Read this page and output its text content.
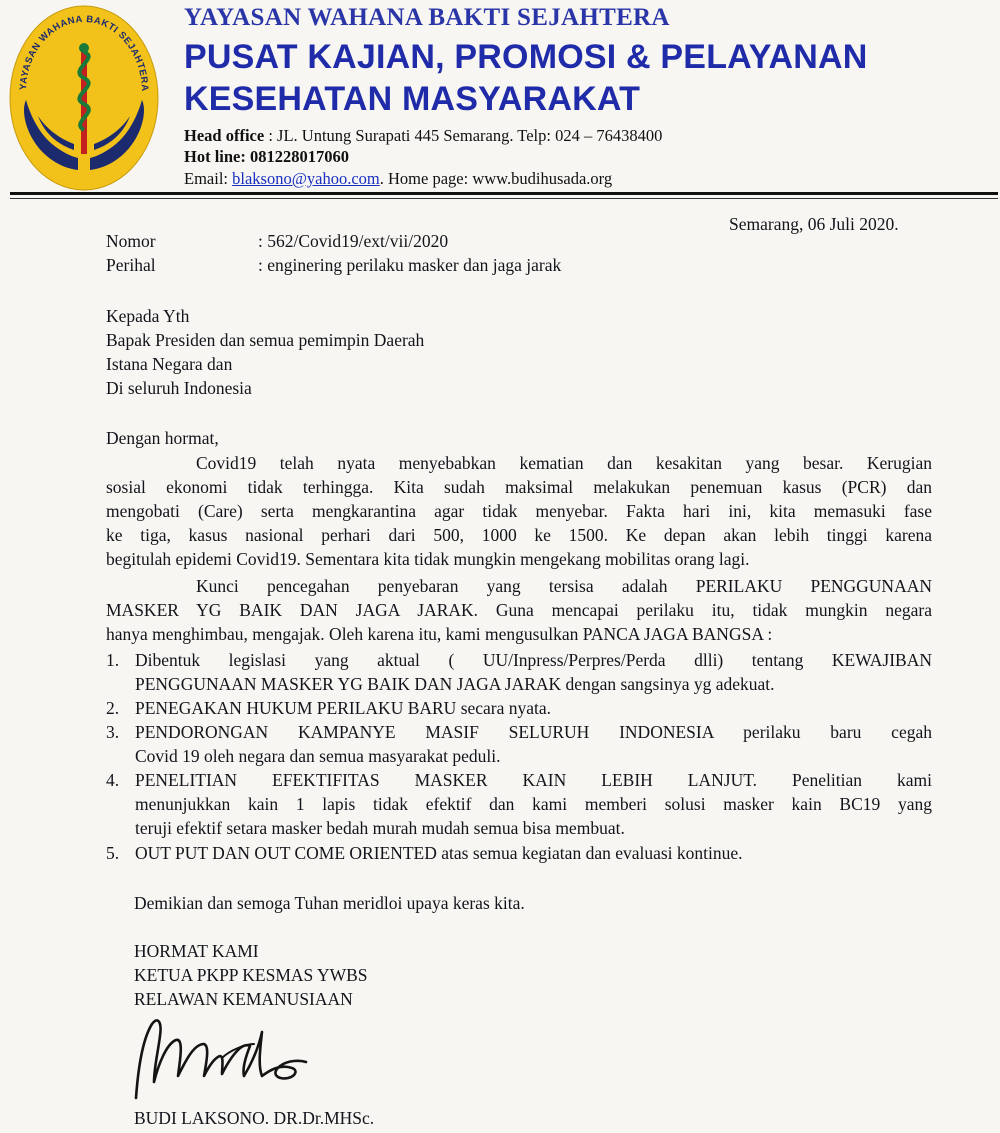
YAYASAN WAHANA BAKTI SEJAHTERA
YAYASAN WAHANA BAKTI SEJAHTERA
PUSAT KAJIAN, PROMOSI & PELAYANAN
KESEHATAN MASYARAKAT
Head office : JL. Untung Surapati 445 Semarang. Telp: 024 – 76438400
Hot line: 081228017060
Email: blaksono@yahoo.com. Home page: www.budihusada.org
Semarang, 06 Juli 2020.
Nomor	: 562/Covid19/ext/vii/2020
Perihal	: enginering perilaku masker dan jaga jarak
Kepada Yth
Bapak Presiden dan semua pemimpin Daerah
Istana Negara dan
Di seluruh Indonesia
Dengan hormat,
Covid19 telah nyata menyebabkan kematian dan kesakitan yang besar. Kerugian
sosial ekonomi tidak terhingga. Kita sudah maksimal melakukan penemuan kasus (PCR) dan
mengobati (Care) serta mengkarantina agar tidak menyebar. Fakta hari ini, kita memasuki fase
ke tiga, kasus nasional perhari dari 500, 1000 ke 1500. Ke depan akan lebih tinggi karena
begitulah epidemi Covid19. Sementara kita tidak mungkin mengekang mobilitas orang lagi.
Kunci pencegahan penyebaran yang tersisa adalah PERILAKU PENGGUNAAN
MASKER YG BAIK DAN JAGA JARAK. Guna mencapai perilaku itu, tidak mungkin negara
hanya menghimbau, mengajak. Oleh karena itu, kami mengusulkan PANCA JAGA BANGSA :
1. Dibentuk legislasi yang aktual ( UU/Inpress/Perpres/Perda dlli) tentang KEWAJIBAN
PENGGUNAAN MASKER YG BAIK DAN JAGA JARAK dengan sangsinya yg adekuat.
2. PENEGAKAN HUKUM PERILAKU BARU secara nyata.
3. PENDORONGAN KAMPANYE MASIF SELURUH INDONESIA perilaku baru cegah
Covid 19 oleh negara dan semua masyarakat peduli.
4. PENELITIAN EFEKTIFITAS MASKER KAIN LEBIH LANJUT. Penelitian kami
menunjukkan kain 1 lapis tidak efektif dan kami memberi solusi masker kain BC19 yang
teruji efektif setara masker bedah murah mudah semua bisa membuat.
5. OUT PUT DAN OUT COME ORIENTED atas semua kegiatan dan evaluasi kontinue.
Demikian dan semoga Tuhan meridloi upaya keras kita.
HORMAT KAMI
KETUA PKPP KESMAS YWBS
RELAWAN KEMANUSIAAN
BUDI LAKSONO. DR.Dr.MHSc.
